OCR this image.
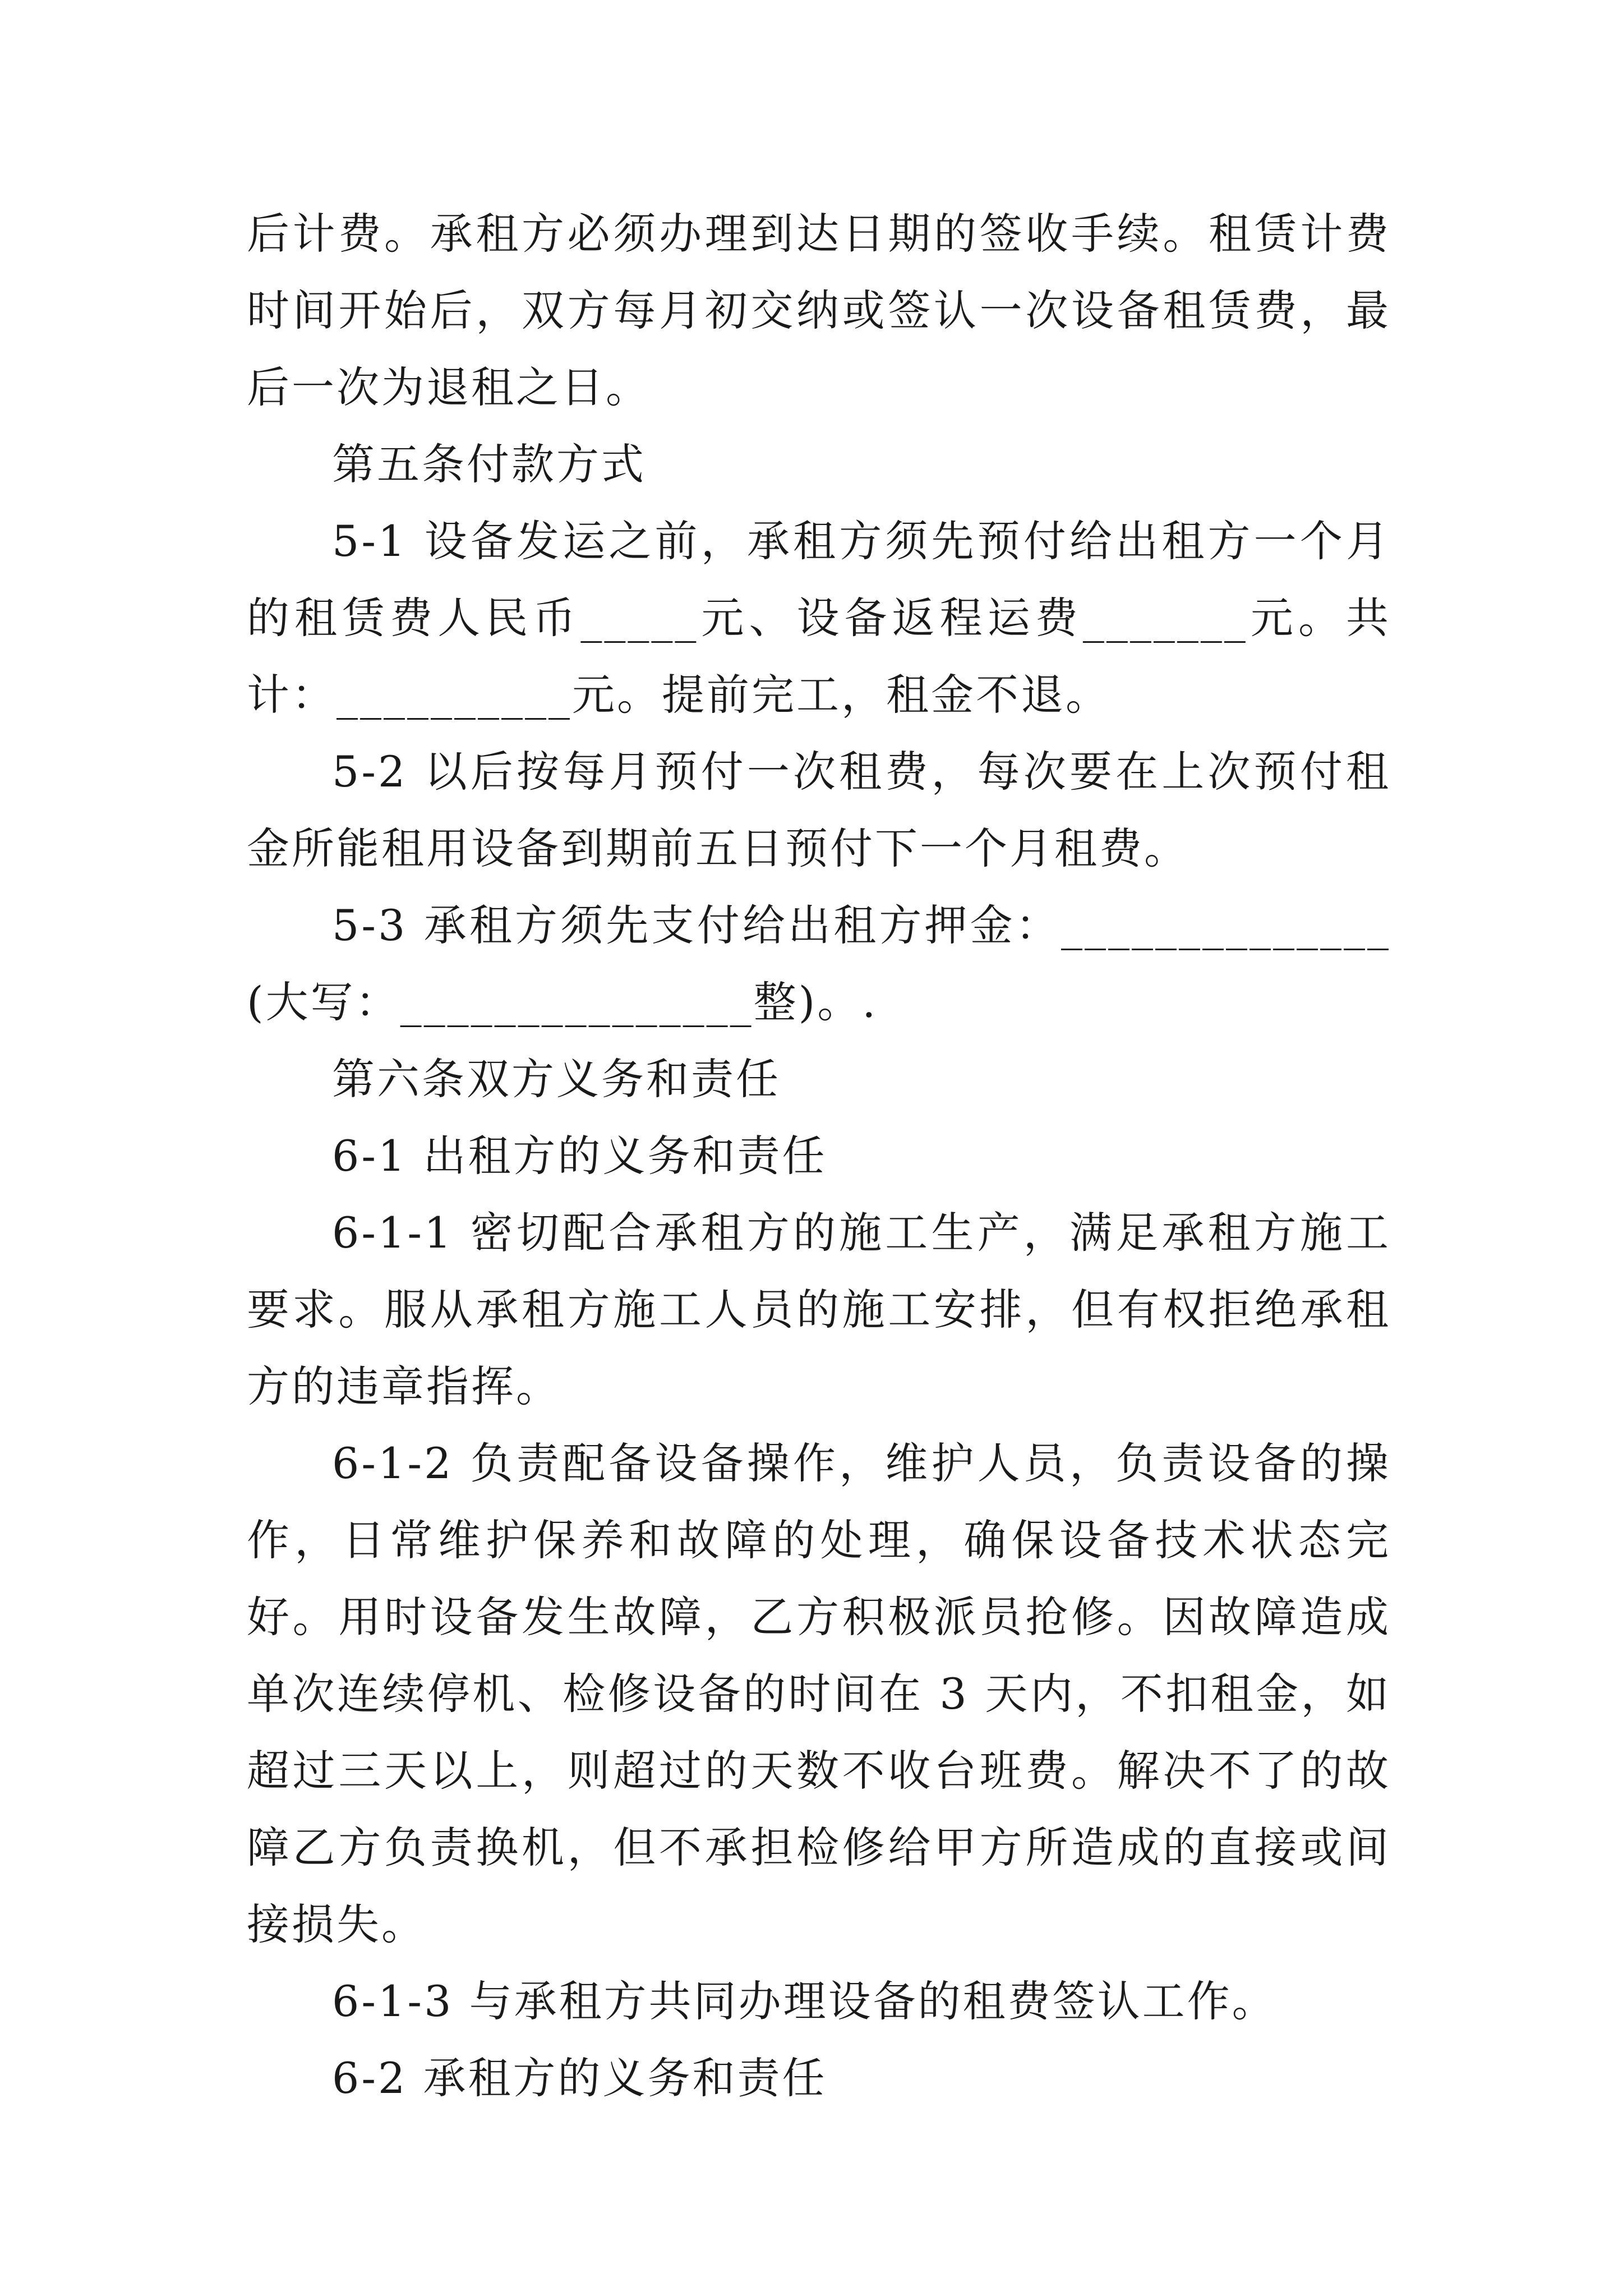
后计费。承租方必须办理到达日期的签收手续。租赁计费时间开始后，双方每月初交纳或签认一次设备租赁费，最后一次为退租之日。

第五条付款方式

5-1 设备发运之前，承租方须先预付给出租方一个月的租赁费人民币_____元、设备返程运费_______元。共计：__________元。提前完工，租金不退。

5-2 以后按每月预付一次租费，每次要在上次预付租金所能租用设备到期前五日预付下一个月租费。

5-3 承租方须先支付给出租方押金：______________(大写：_______________整)。.

第六条双方义务和责任

6-1 出租方的义务和责任

6-1-1 密切配合承租方的施工生产，满足承租方施工要求。服从承租方施工人员的施工安排，但有权拒绝承租方的违章指挥。

6-1-2 负责配备设备操作，维护人员，负责设备的操作，日常维护保养和故障的处理，确保设备技术状态完好。用时设备发生故障，乙方积极派员抢修。因故障造成单次连续停机、检修设备的时间在 3 天内，不扣租金，如超过三天以上，则超过的天数不收台班费。解决不了的故障乙方负责换机，但不承担检修给甲方所造成的直接或间接损失。

6-1-3 与承租方共同办理设备的租费签认工作。

6-2 承租方的义务和责任
